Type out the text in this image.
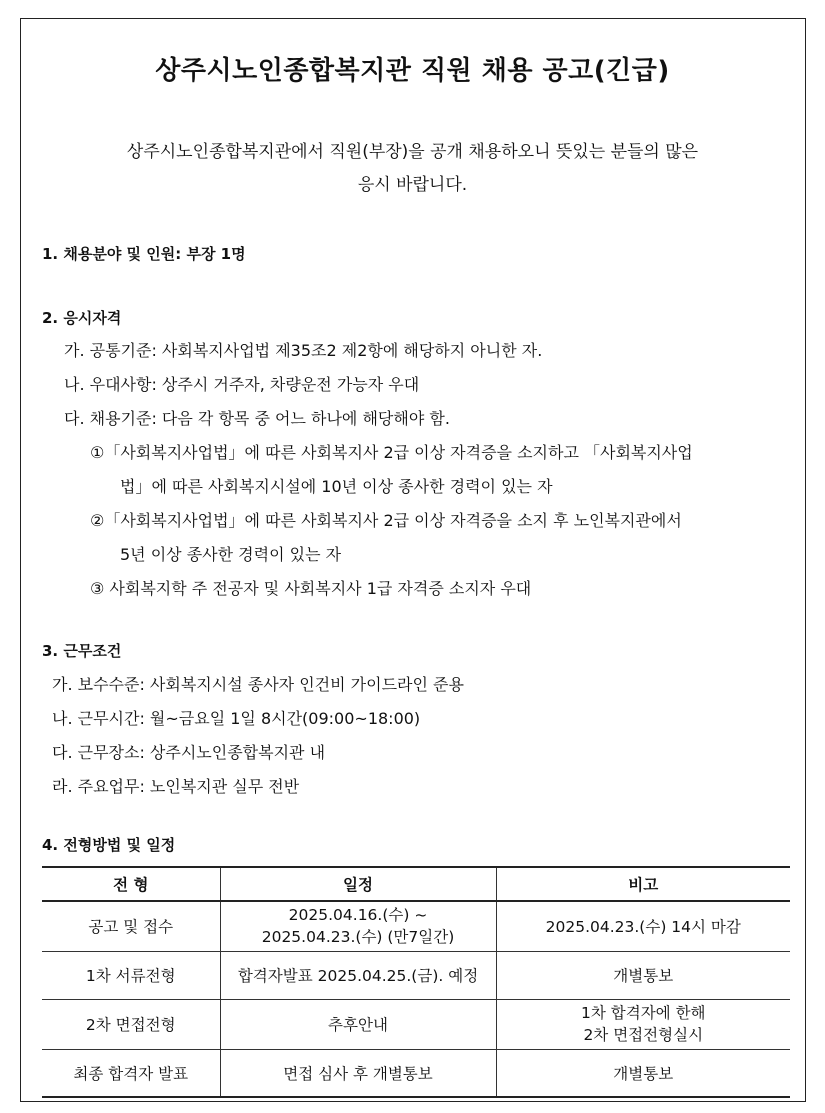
상주시노인종합복지관 직원 채용 공고(긴급)
상주시노인종합복지관에서 직원(부장)을 공개 채용하오니 뜻있는 분들의 많은
응시 바랍니다.
1. 채용분야 및 인원: 부장 1명
2. 응시자격
가. 공통기준: 사회복지사업법 제35조2 제2항에 해당하지 아니한 자.
나. 우대사항: 상주시 거주자, 차량운전 가능자 우대
다. 채용기준: 다음 각 항목 중 어느 하나에 해당해야 함.
①「사회복지사업법」에 따른 사회복지사 2급 이상 자격증을 소지하고 「사회복지사업
법」에 따른 사회복지시설에 10년 이상 종사한 경력이 있는 자
②「사회복지사업법」에 따른 사회복지사 2급 이상 자격증을 소지 후 노인복지관에서
5년 이상 종사한 경력이 있는 자
③ 사회복지학 주 전공자 및 사회복지사 1급 자격증 소지자 우대
3. 근무조건
가. 보수수준: 사회복지시설 종사자 인건비 가이드라인 준용
나. 근무시간: 월~금요일 1일 8시간(09:00~18:00)
다. 근무장소: 상주시노인종합복지관 내
라. 주요업무: 노인복지관 실무 전반
4. 전형방법 및 일정
전 형	일정	비고
공고 및 접수	2025.04.16.(수) ~
2025.04.23.(수) (만7일간)	2025.04.23.(수) 14시 마감
1차 서류전형	합격자발표 2025.04.25.(금). 예정	개별통보
2차 면접전형	추후안내	1차 합격자에 한해
2차 면접전형실시

최종 합격자 발표	면접 심사 후 개별통보	개별통보
